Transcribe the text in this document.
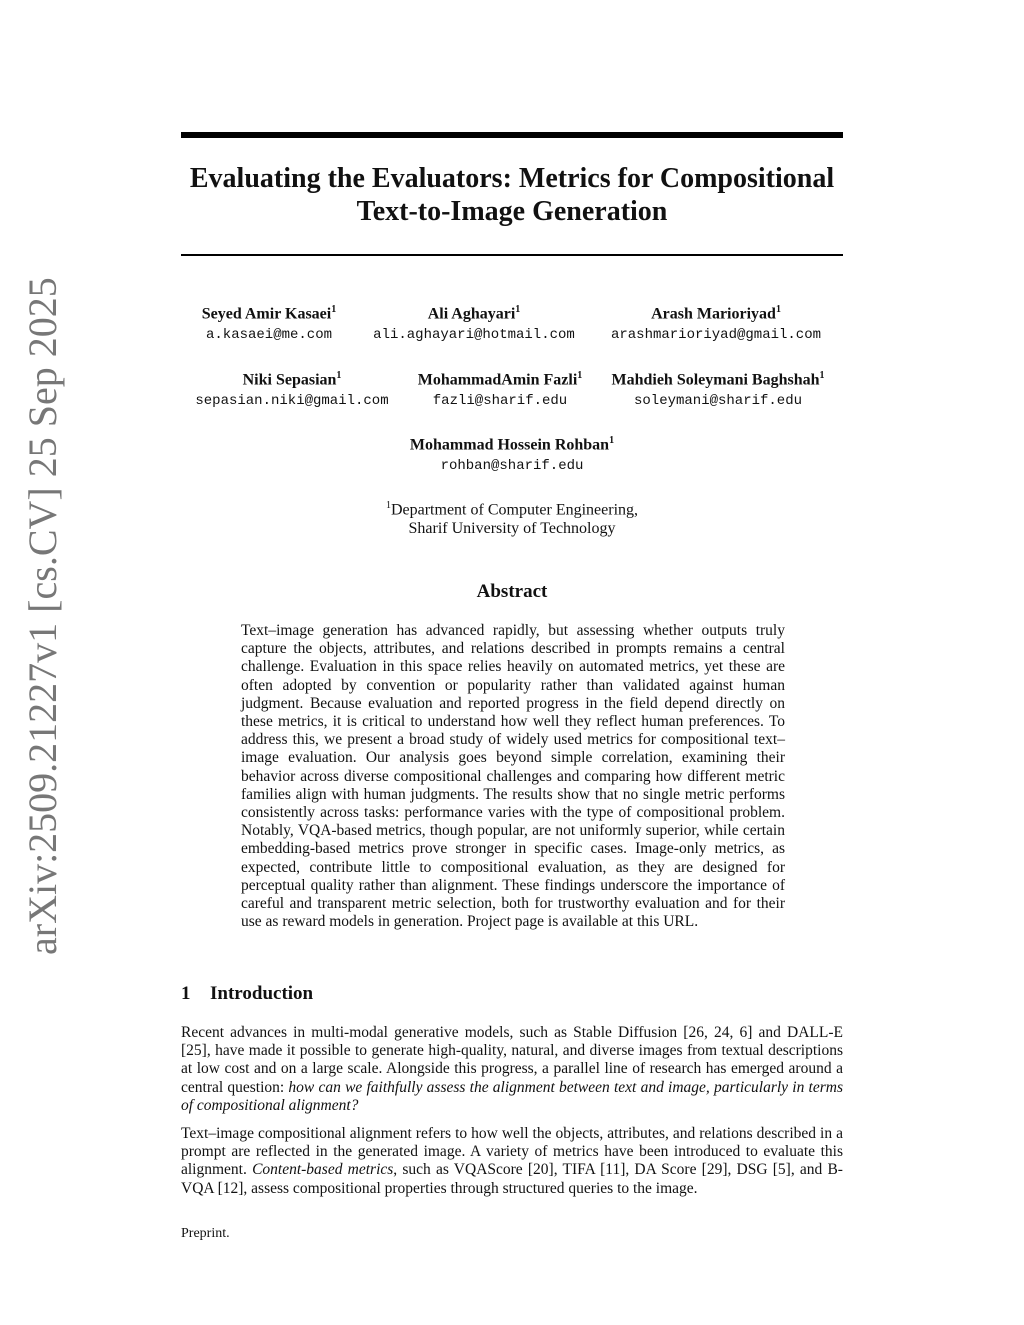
arXiv:2509.21227v1 [cs.CV] 25 Sep 2025
Evaluating the Evaluators: Metrics for Compositional
Text-to-Image Generation
Seyed Amir Kasaei$^1$
a.kasaei@me.com
Ali Aghayari$^1$
ali.aghayari@hotmail.com
Arash Marioriyad$^1$
arashmarioriyad@gmail.com
Niki Sepasian$^1$
sepasian.niki@gmail.com
MohammadAmin Fazli$^1$
fazli@sharif.edu
Mahdieh Soleymani Baghshah$^1$
soleymani@sharif.edu
Mohammad Hossein Rohban$^1$
rohban@sharif.edu
$^1$Department of Computer Engineering,
Sharif University of Technology
Abstract

Text–image generation has advanced rapidly, but assessing whether outputs truly capture the objects, attributes, and relations described in prompts remains a central challenge. Evaluation in this space relies heavily on automated metrics, yet these are often adopted by convention or popularity rather than validated against human judgment. Because evaluation and reported progress in the field depend directly on these metrics, it is critical to understand how well they reflect human preferences. To address this, we present a broad study of widely used metrics for compositional text–image evaluation. Our analysis goes beyond simple correlation, examining their behavior across diverse compositional challenges and comparing how different metric families align with human judgments. The results show that no single metric performs consistently across tasks: performance varies with the type of compositional problem. Notably, VQA-based metrics, though popular, are not uniformly superior, while certain embedding-based metrics prove stronger in specific cases. Image-only metrics, as expected, contribute little to compositional evaluation, as they are designed for perceptual quality rather than alignment. These findings underscore the importance of careful and transparent metric selection, both for trustworthy evaluation and for their use as reward models in generation. Project page is available at this URL.

1 Introduction

Recent advances in multi-modal generative models, such as Stable Diffusion [26, 24, 6] and DALL-E [25], have made it possible to generate high-quality, natural, and diverse images from textual descriptions at low cost and on a large scale. Alongside this progress, a parallel line of research has emerged around a central question: how can we faithfully assess the alignment between text and image, particularly in terms of compositional alignment?

Text–image compositional alignment refers to how well the objects, attributes, and relations described in a prompt are reflected in the generated image. A variety of metrics have been introduced to evaluate this alignment. Content-based metrics, such as VQAScore [20], TIFA [11], DA Score [29], DSG [5], and B-VQA [12], assess compositional properties through structured queries to the image.

Preprint.
